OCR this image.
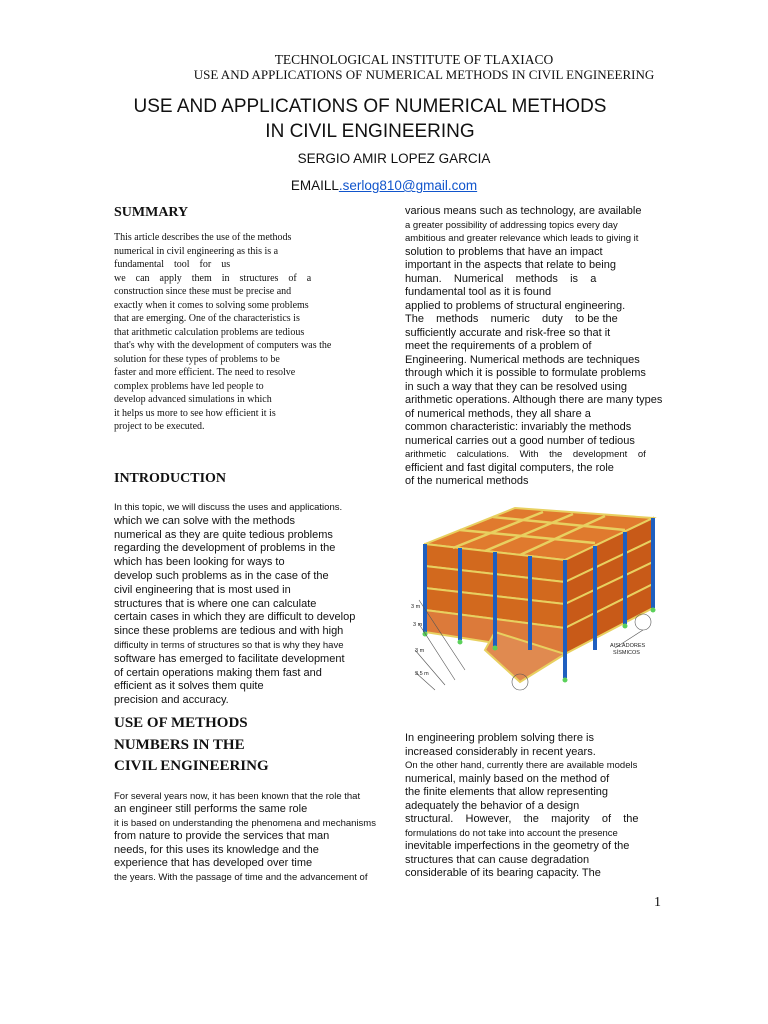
TECHNOLOGICAL INSTITUTE OF TLAXIACO
USE AND APPLICATIONS OF NUMERICAL METHODS IN CIVIL ENGINEERING
USE AND APPLICATIONS OF NUMERICAL METHODS
IN CIVIL ENGINEERING
SERGIO AMIR LOPEZ GARCIA
EMAILL.serlog810@gmail.com
SUMMARY

This article describes the use of the methods

numerical in civil engineering as this is a

fundamental    tool    for    us

we    can    apply    them    in    structures    of    a

construction since these must be precise and

exactly when it comes to solving some problems

that are emerging. One of the characteristics is

that arithmetic calculation problems are tedious

that's why with the development of computers was the

solution for these types of problems to be

faster and more efficient. The need to resolve

complex problems have led people to

develop advanced simulations in which

it helps us more to see how efficient it is

project to be executed.

INTRODUCTION
In this topic, we will discuss the uses and applications.
which we can solve with the methods
numerical as they are quite tedious problems
regarding the development of problems in the
which has been looking for ways to
develop such problems as in the case of the
civil engineering that is most used in
structures that is where one can calculate
certain cases in which they are difficult to develop
since these problems are tedious and with high
difficulty in terms of structures so that is why they have
software has emerged to facilitate development
of certain operations making them fast and
efficient as it solves them quite
precision and accuracy.
USE OF METHODS
NUMBERS IN THE
CIVIL ENGINEERING
For several years now, it has been known that the role that
an engineer still performs the same role
it is based on understanding the phenomena and mechanisms
from nature to provide the services that man
needs, for this uses its knowledge and the
experience that has developed over time
the years. With the passage of time and the advancement of
various means such as technology, are available
a greater possibility of addressing topics every day
ambitious and greater relevance which leads to giving it
solution to problems that have an impact
important in the aspects that relate to being
human.    Numerical    methods    is    a
fundamental tool as it is found
applied to problems of structural engineering.
The    methods    numeric    duty    to be the
sufficiently accurate and risk-free so that it
meet the requirements of a problem of
Engineering. Numerical methods are techniques
through which it is possible to formulate problems
in such a way that they can be resolved using
arithmetic operations. Although there are many types
of numerical methods, they all share a
common characteristic: invariably the methods
numerical carries out a good number of tedious
arithmetic    calculations.    With    the    development    of
efficient and fast digital computers, the role
of the numerical methods
3 m
3 m
3 m
3.5 m
AISLADORES
SÍSMICOS
In engineering problem solving there is
increased considerably in recent years.
On the other hand, currently there are available models
numerical, mainly based on the method of
the finite elements that allow representing
adequately the behavior of a design
structural.    However,    the    majority    of    the
formulations do not take into account the presence
inevitable imperfections in the geometry of the
structures that can cause degradation
considerable of its bearing capacity. The
1
